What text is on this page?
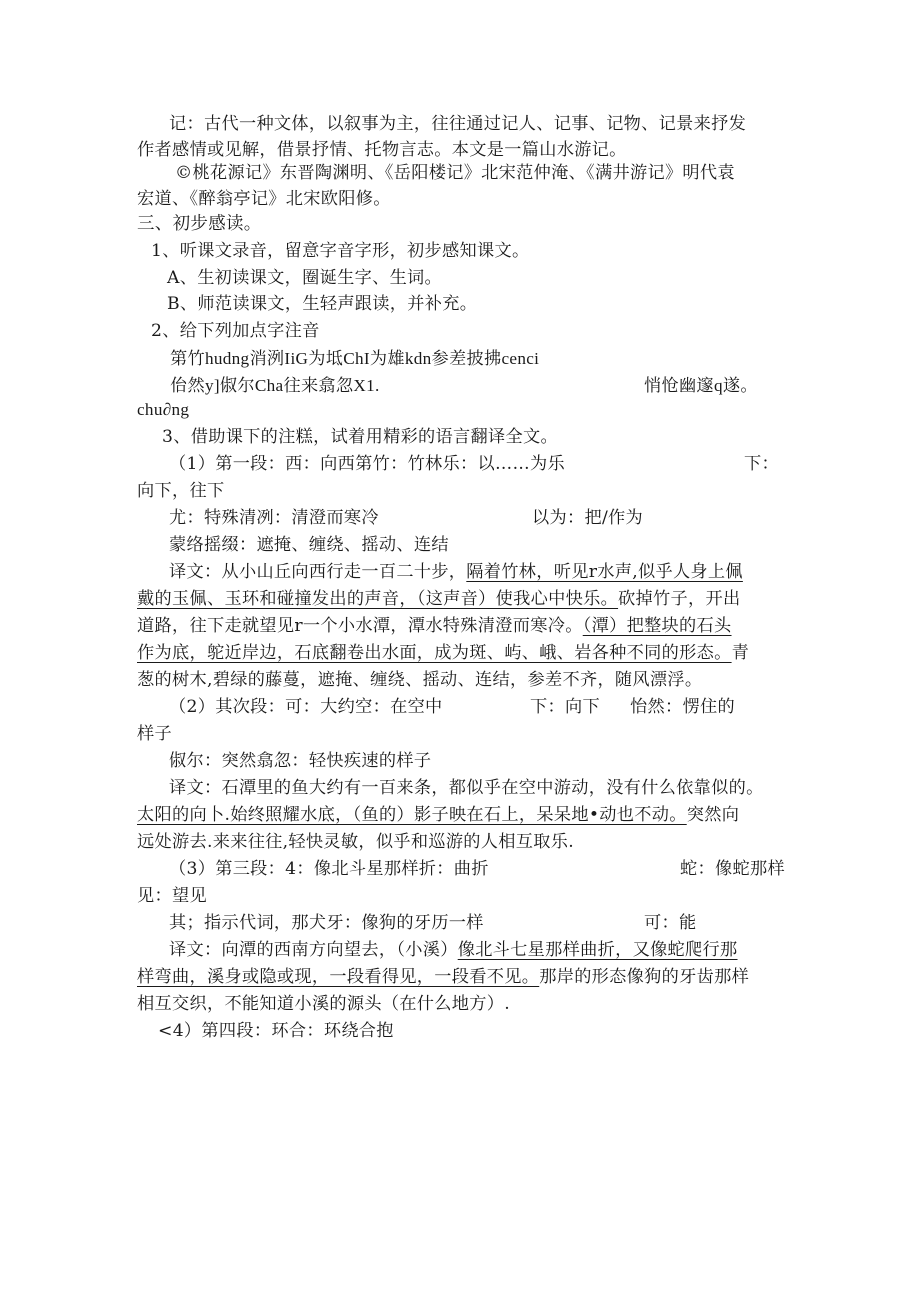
记：古代一种文体，以叙事为主，往往通过记人、记事、记物、记景来抒发
作者感情或见解，借景抒情、托物言志。本文是一篇山水游记。
©桃花源记》东晋陶渊明、《岳阳楼记》北宋范仲淹、《满井游记》明代袁
宏道、《醉翁亭记》北宋欧阳修。
三、初步感读。
1、听课文录音，留意字音字形，初步感知课文。
A、生初读课文，圈诞生字、生词。
B、师范读课文，生轻声跟读，并补充。
2、给下列加点字注音
第竹hudng消洌IiG为坻ChI为雄kdn参差披拂cenci
佁然y]俶尔Cha往来翕忽X1.	悄怆幽邃q遂。
chu∂ng
3、借助课下的注糕，试着用精彩的语言翻译全文。
（1）第一段：西：向西第竹：竹林乐：以……为乐	下：
向下，往下
尤：特殊清冽：清澄而寒冷	以为：把/作为
蒙络摇缀：遮掩、缠绕、摇动、连结
译文：从小山丘向西行走一百二十步，隔着竹林，听见r水声,似乎人身上佩
戴的玉佩、玉环和碰撞发出的声音，（这声音）使我心中快乐。砍掉竹子，开出
道路，往下走就望见r一个小水潭，潭水特殊清澄而寒冷。（潭）把整块的石头
作为底，鸵近岸边，石底翻卷出水面，成为斑、屿、峨、岩各种不同的形态。青
葱的树木,碧绿的藤蔓，遮掩、缠绕、摇动、连结，参差不齐，随风漂浮。
（2）其次段：可：大约空：在空中	下：向下 怡然：愣住的
样子
俶尔：突然翕忽：轻快疾速的样子
译文：石潭里的鱼大约有一百来条，都似乎在空中游动，没有什么依靠似的。
太阳的向卜.始终照耀水底，（鱼的）影子映在石上，呆呆地•动也不动。突然向
远处游去.来来往往,轻快灵敏，似乎和巡游的人相互取乐.
（3）第三段：4：像北斗星那样折：曲折	蛇：像蛇那样
见：望见
其；指示代词，那犬牙：像狗的牙历一样	可：能
译文：向潭的西南方向望去，（小溪）像北斗七星那样曲折，又像蛇爬行那
样弯曲，溪身或隐或现，一段看得见，一段看不见。那岸的形态像狗的牙齿那样
相互交织，不能知道小溪的源头（在什么地方）.
<4）第四段：环合：环绕合抱
